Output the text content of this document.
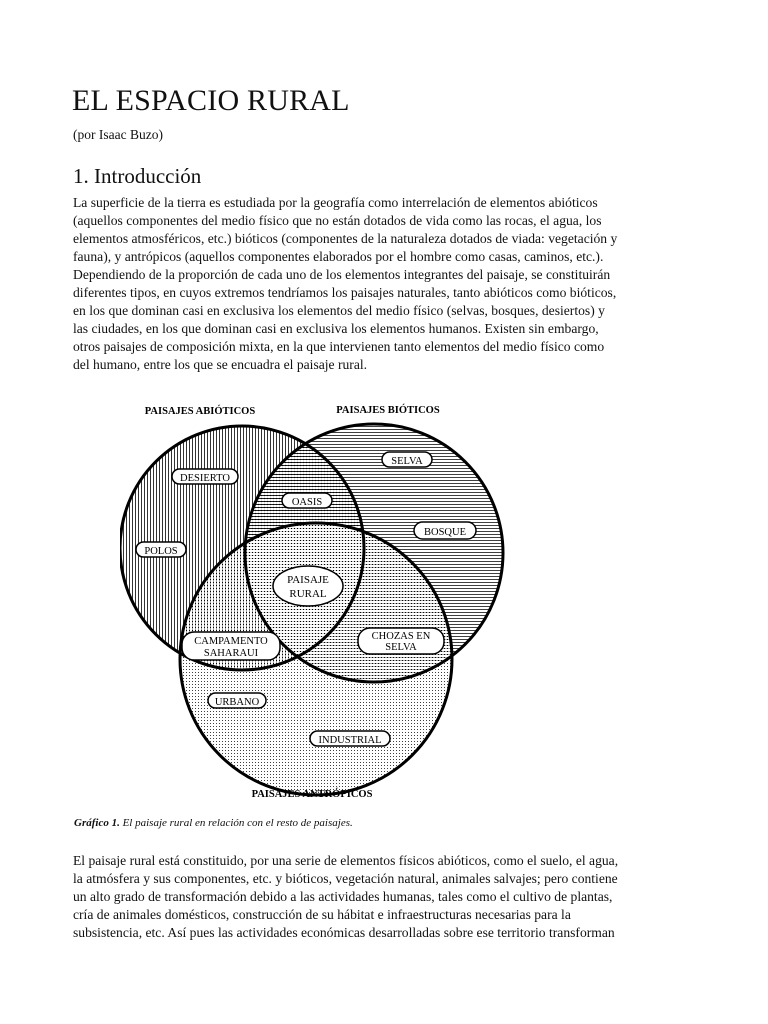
EL ESPACIO RURAL
(por Isaac Buzo)
1. Introducción

La superficie de la tierra es estudiada por la geografía como interrelación de elementos abióticos
(aquellos componentes del medio físico que no están dotados de vida como las rocas, el agua, los
elementos atmosféricos, etc.) bióticos (componentes de la naturaleza dotados de viada: vegetación y
fauna), y antrópicos (aquellos componentes elaborados por el hombre como casas, caminos, etc.).
Dependiendo de la proporción de cada uno de los elementos integrantes del paisaje, se constituirán
diferentes tipos, en cuyos extremos tendríamos los paisajes naturales, tanto abióticos como bióticos,
en los que dominan casi en exclusiva los elementos del medio físico (selvas, bosques, desiertos) y
las ciudades, en los que dominan casi en exclusiva los elementos humanos. Existen sin embargo,
otros paisajes de composición mixta, en la que intervienen tanto elementos del medio físico como
del humano, entre los que se encuadra el paisaje rural.

PAISAJES ABIÓTICOS	PAISAJES BIÓTICOS
PAISAJES ANTRÓPICOS
DESIERTO
POLOS
SELVA
BOSQUE
OASIS
PAISAJE
RURAL
CAMPAMENTO
SAHARAUI
CHOZAS EN
SELVA
URBANO
INDUSTRIAL
Gráfico 1. El paisaje rural en relación con el resto de paisajes.

El paisaje rural está constituido, por una serie de elementos físicos abióticos, como el suelo, el agua,
la atmósfera y sus componentes, etc. y bióticos, vegetación natural, animales salvajes; pero contiene
un alto grado de transformación debido a las actividades humanas, tales como el cultivo de plantas,
cría de animales domésticos, construcción de su hábitat e infraestructuras necesarias para la
subsistencia, etc. Así pues las actividades económicas desarrolladas sobre ese territorio transforman
